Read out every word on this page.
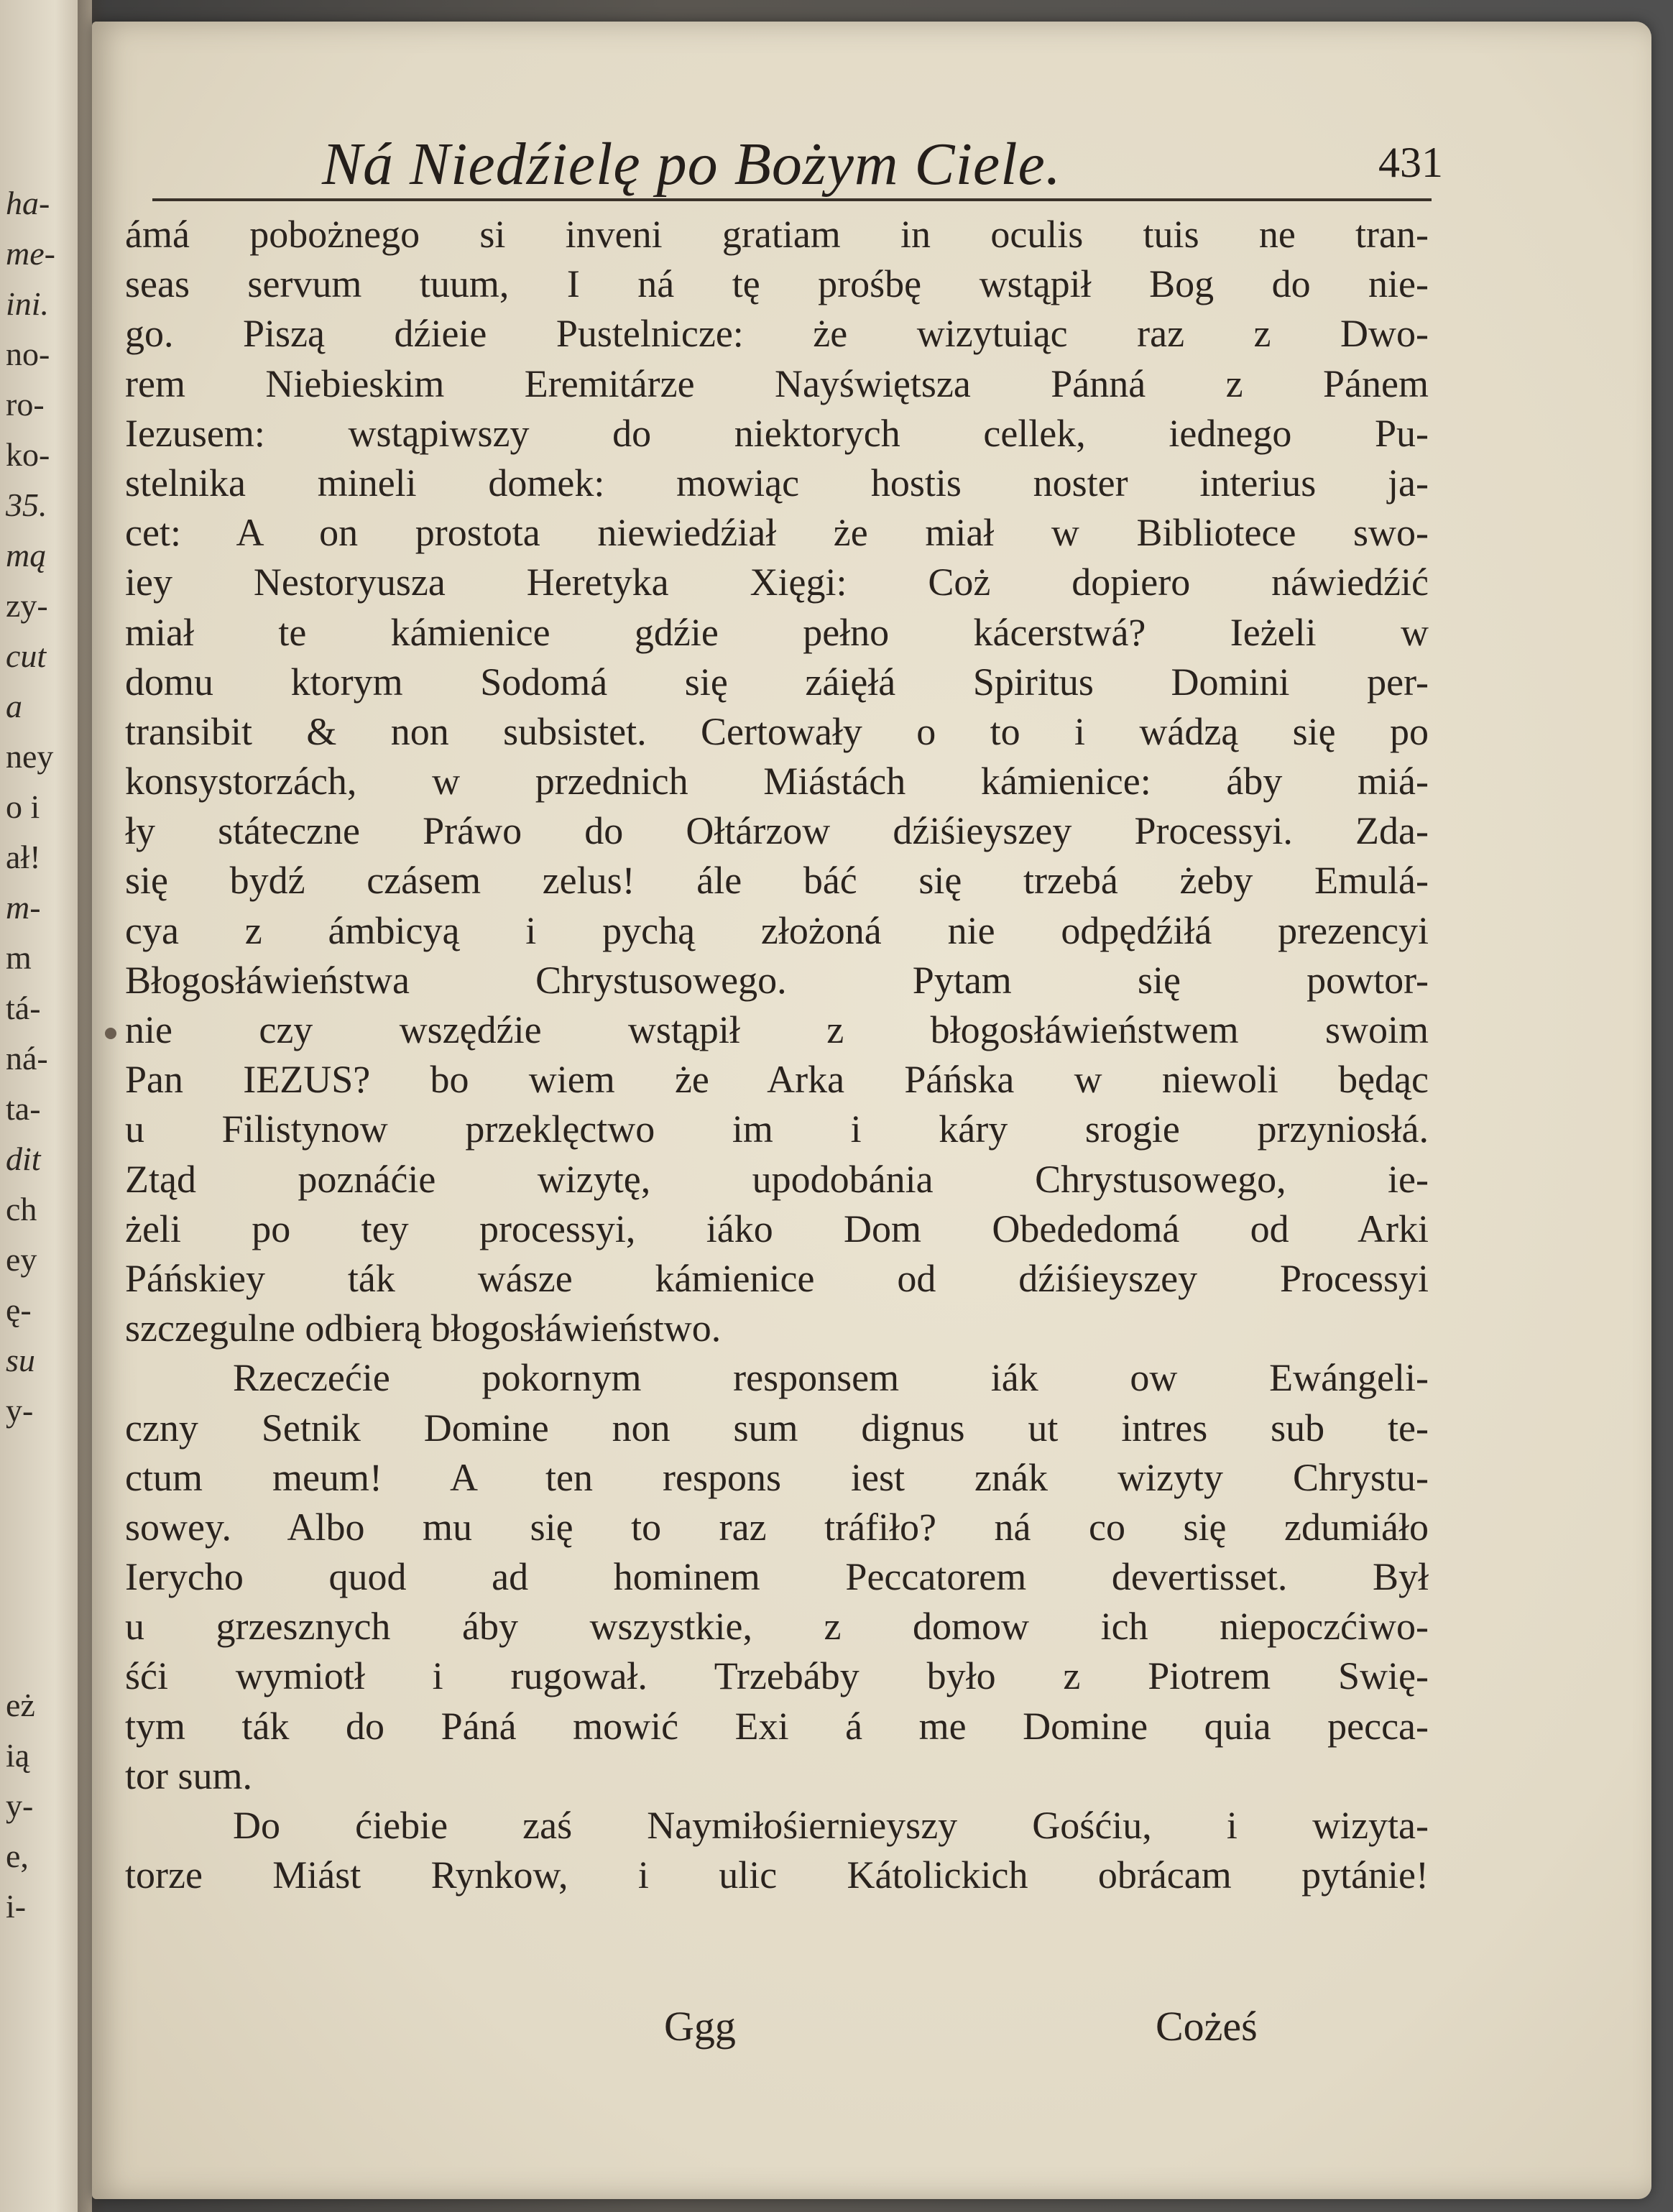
ha-
me-
ini.
no-
ro-
ko-
35.
mą
zy-
cut
a
ney
o i
ał!
m-
m
tá-
ná-
ta-
dit
ch
ey
ę-
su
y-
eż
ią
y-
e,
i-
Ná Niedźielę po Bożym Ciele.	431
ámá pobożnego si inveni gratiam in oculis tuis ne tran-
seas servum tuum, I ná tę prośbę wstąpił Bog do nie-
go. Piszą dźieie Pustelnicze: że wizytuiąc raz z Dwo-
rem Niebieskim Eremitárze Nayświętsza Pánná z Pánem
Iezusem: wstąpiwszy do niektorych cellek, iednego Pu-
stelnika mineli domek: mowiąc hostis noster interius ja-
cet: A on prostota niewiedźiał że miał w Bibliotece swo-
iey Nestoryusza Heretyka Xięgi: Coż dopiero náwiedźić
miał te kámienice gdźie pełno kácerstwá? Ieżeli w
domu ktorym Sodomá się záięłá Spiritus Domini per-
transibit & non subsistet. Certowały o to i wádzą się po
konsystorzách, w przednich Miástách kámienice: áby miá-
ły státeczne Práwo do Ołtárzow dźiśieyszey Processyi. Zda-
się bydź czásem zelus! ále báć się trzebá żeby Emulá-
cya z ámbicyą i pychą złożoná nie odpędźiłá prezencyi
Błogosłáwieństwa Chrystusowego. Pytam się powtor-
nie czy wszędźie wstąpił z błogosłáwieństwem swoim
Pan IEZUS? bo wiem że Arka Páńska w niewoli będąc
u Filistynow przeklęctwo im i káry srogie przyniosłá.
Ztąd poznáćie wizytę, upodobánia Chrystusowego, ie-
żeli po tey processyi, iáko Dom Obededomá od Arki
Páńskiey ták wásze kámienice od dźiśieyszey Processyi
szczegulne odbierą błogosłáwieństwo.
Rzeczećie pokornym responsem iák ow Ewángeli-
czny Setnik Domine non sum dignus ut intres sub te-
ctum meum! A ten respons iest znák wizyty Chrystu-
sowey. Albo mu się to raz tráfiło? ná co się zdumiáło
Ierycho quod ad hominem Peccatorem devertisset. Był
u grzesznych áby wszystkie, z domow ich niepoczćiwo-
śći wymiotł i rugował. Trzebáby było z Piotrem Swię-
tym ták do Páná mowić Exi á me Domine quia pecca-
tor sum.
Do ćiebie zaś Naymiłośiernieyszy Gośćiu, i wizyta-
torze Miást Rynkow, i ulic Kátolickich obrácam pytánie!
Ggg	Cożeś
